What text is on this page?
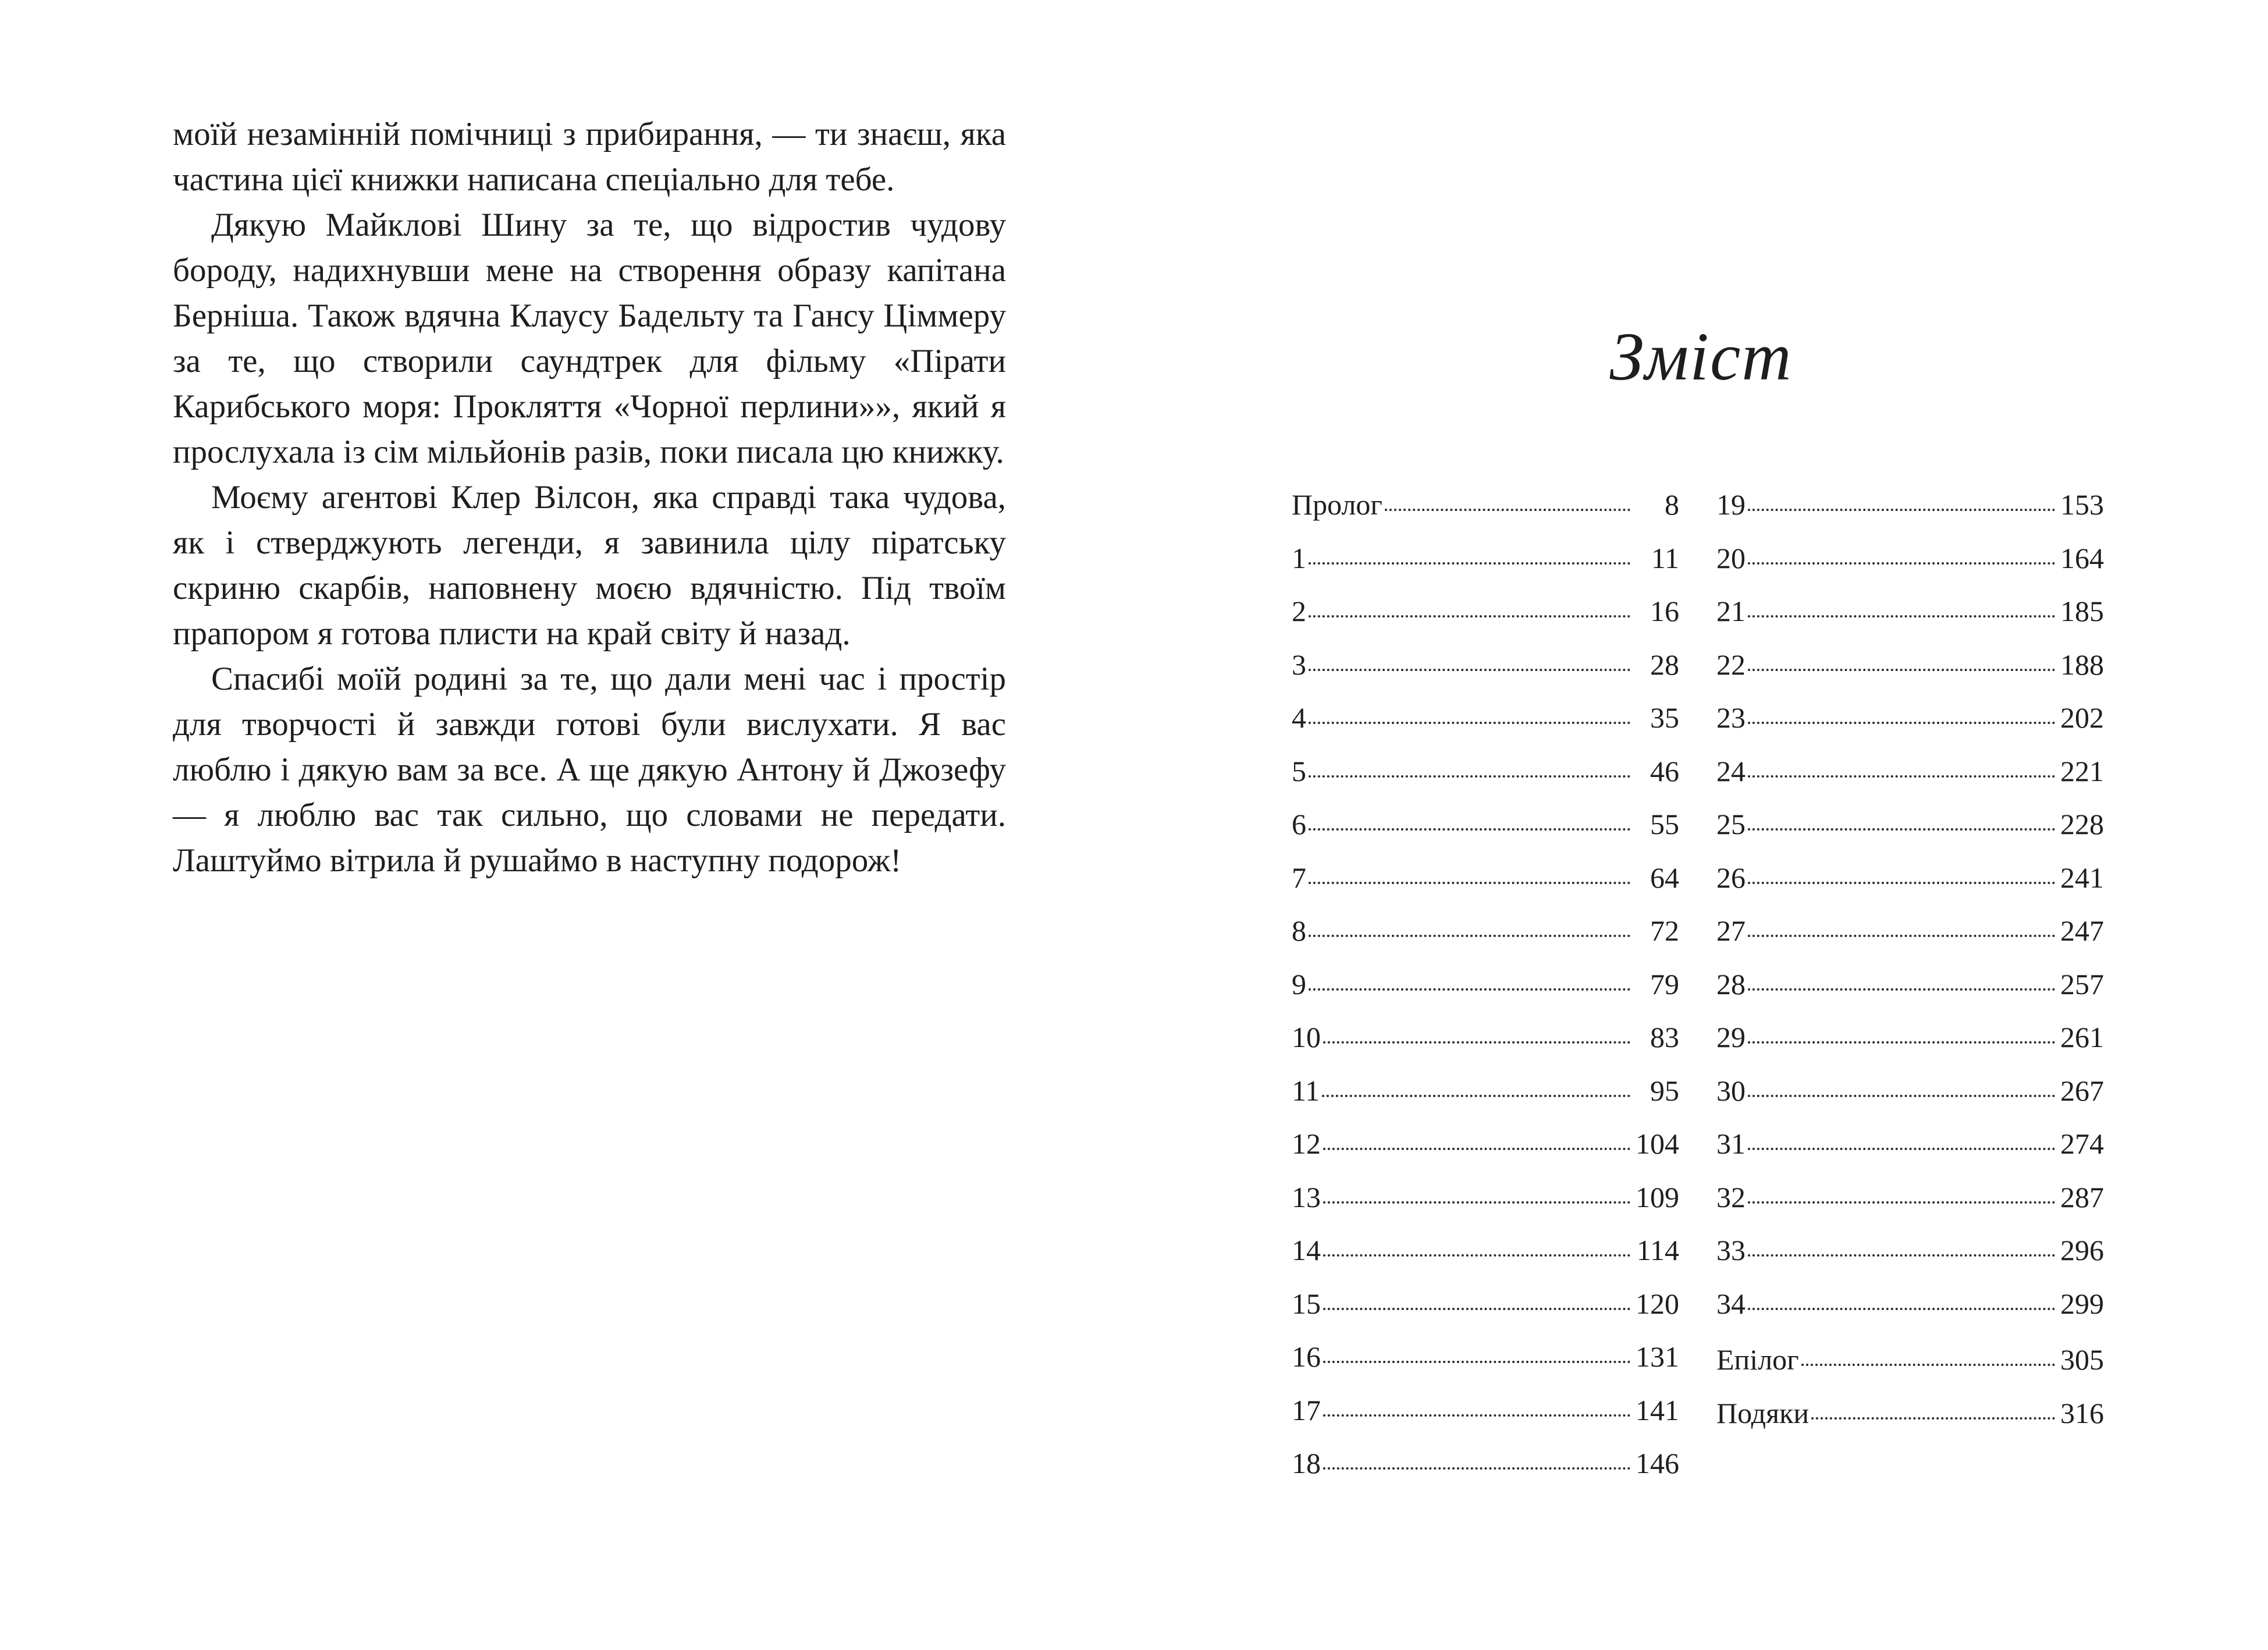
моїй незамінній помічниці з прибирання, — ти знаєш, яка частина цієї книжки написана спеціально для тебе.

Дякую Майклові Шину за те, що відростив чудову бороду, надихнувши мене на створення образу капітана Берніша. Також вдячна Клаусу Бадельту та Гансу Ціммеру за те, що створили саундтрек для фільму «Пірати Карибського моря: Прокляття «Чорної перлини»», який я прослухала із сім мільйонів разів, поки писала цю книжку.

Моєму агентові Клер Вілсон, яка справді така чудова, як і стверджують легенди, я завинила цілу піратську скриню скарбів, наповнену моєю вдячністю. Під твоїм прапором я готова плисти на край світу й назад.

Спасибі моїй родині за те, що дали мені час і простір для творчості й завжди готові були вислухати. Я вас люблю і дякую вам за все. А ще дякую Антону й Джозефу — я люблю вас так сильно, що словами не передати. Лаштуймо вітрила й рушаймо в наступну подорож!

Зміст
Пролог	8
1	11
2	16
3	28
4	35
5	46
6	55
7	64
8	72
9	79
10	83
11	95
12	104
13	109
14	114
15	120
16	131
17	141
18	146
19	153
20	164
21	185
22	188
23	202
24	221
25	228
26	241
27	247
28	257
29	261
30	267
31	274
32	287
33	296
34	299
Епілог	305
Подяки	316
